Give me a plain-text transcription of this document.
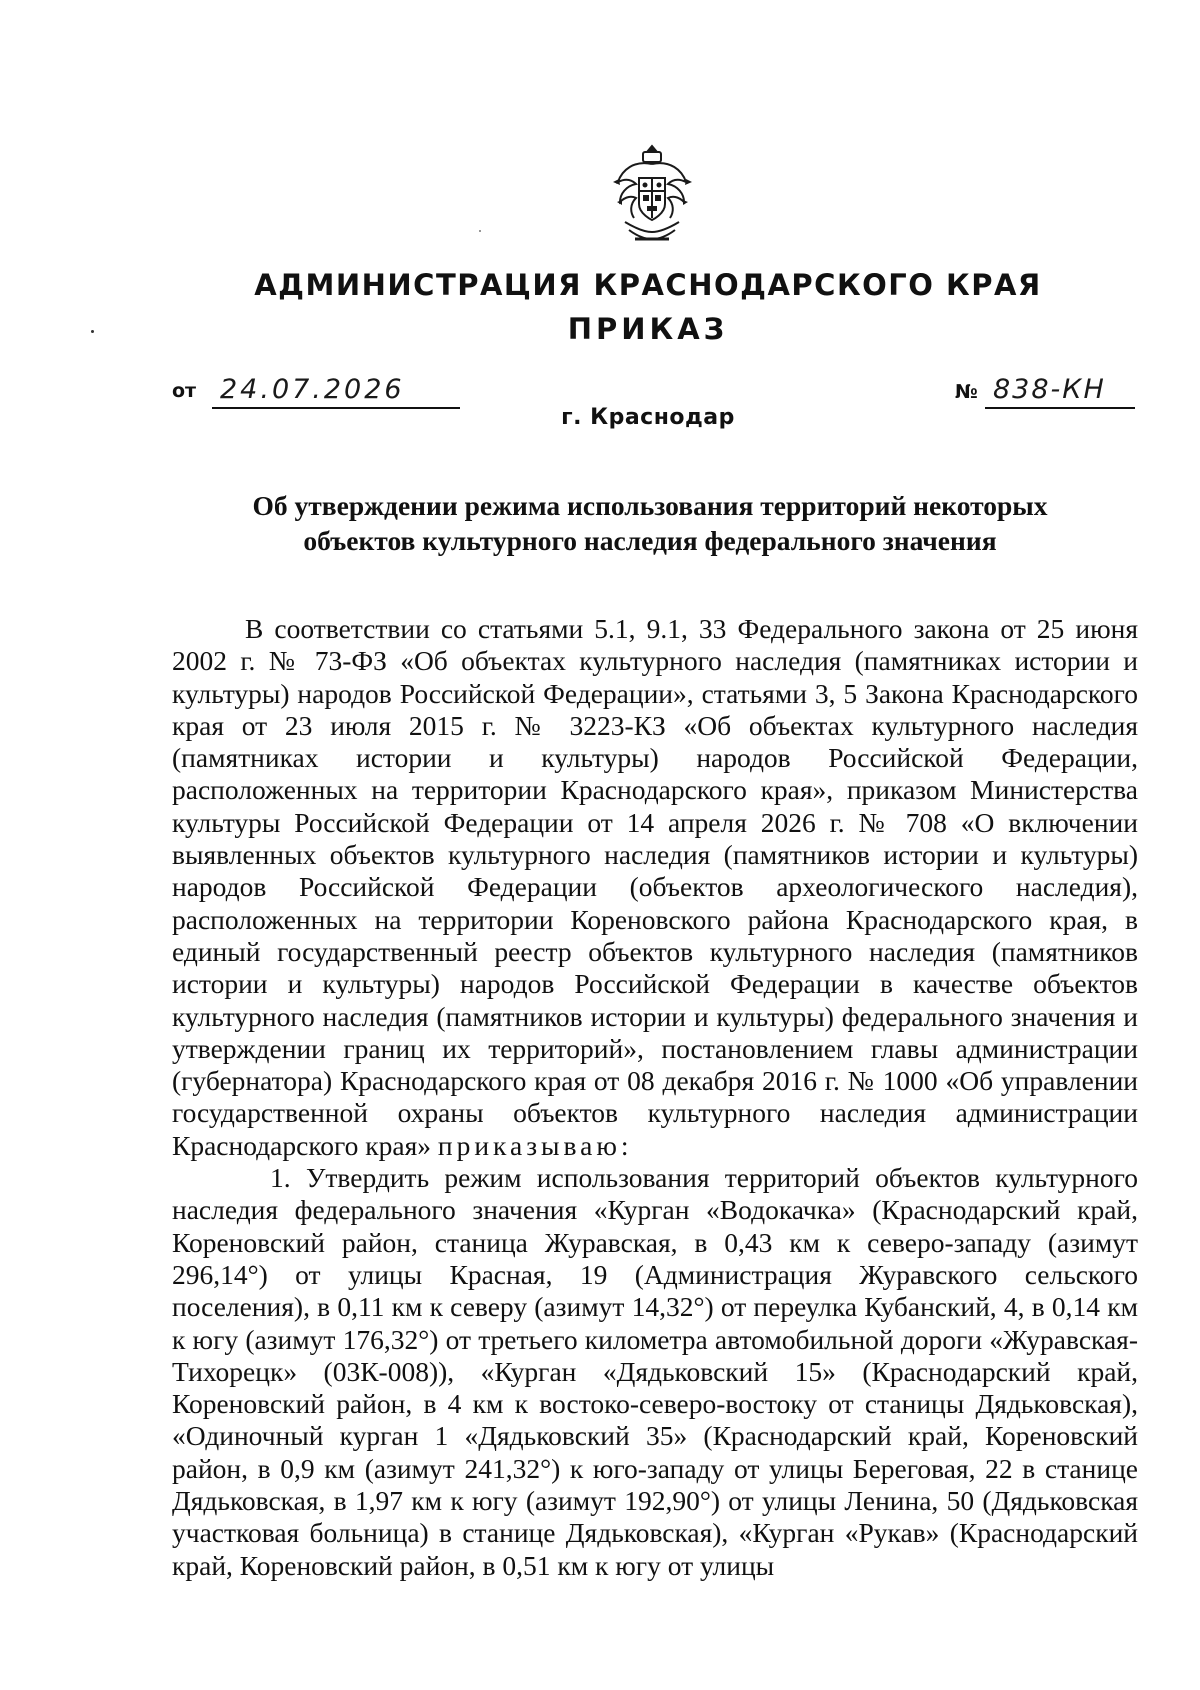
АДМИНИСТРАЦИЯ КРАСНОДАРСКОГО КРАЯ
ПРИКАЗ
от 24.07.2026	№ 838-КН
г. Краснодар
Об утверждении режима использования территорий некоторых
объектов культурного наследия федерального значения

В соответствии со статьями 5.1, 9.1, 33 Федерального закона от 25 июня 2002 г. № 73-ФЗ «Об объектах культурного наследия (памятниках истории и культуры) народов Российской Федерации», статьями 3, 5 Закона Краснодарского края от 23 июля 2015 г. № 3223-КЗ «Об объектах культурного наследия (памятниках истории и культуры) народов Российской Федерации, расположенных на территории Краснодарского края», приказом Министерства культуры Российской Федерации от 14 апреля 2026 г. № 708 «О включении выявленных объектов культурного наследия (памятников истории и культуры) народов Российской Федерации (объектов археологического наследия), расположенных на территории Кореновского района Краснодарского края, в единый государственный реестр объектов культурного наследия (памятников истории и культуры) народов Российской Федерации в качестве объектов культурного наследия (памятников истории и культуры) федерального значения и утверждении границ их территорий», постановлением главы администрации (губернатора) Краснодарского края от 08 декабря 2016 г. № 1000 «Об управлении государственной охраны объектов культурного наследия администрации Краснодарского края» приказываю:

1. Утвердить режим использования территорий объектов культурного наследия федерального значения «Курган «Водокачка» (Краснодарский край, Кореновский район, станица Журавская, в 0,43 км к северо-западу (азимут 296,14°) от улицы Красная, 19 (Администрация Журавского сельского поселения), в 0,11 км к северу (азимут 14,32°) от переулка Кубанский, 4, в 0,14 км к югу (азимут 176,32°) от третьего километра автомобильной дороги «Журавская-Тихорецк» (03К-008)), «Курган «Дядьковский 15» (Краснодарский край, Кореновский район, в 4 км к востоко-северо-востоку от станицы Дядьковская), «Одиночный курган 1 «Дядьковский 35» (Краснодарский край, Кореновский район, в 0,9 км (азимут 241,32°) к юго-западу от улицы Береговая, 22 в станице Дядьковская, в 1,97 км к югу (азимут 192,90°) от улицы Ленина, 50 (Дядьковская участковая больница) в станице Дядьковская), «Курган «Рукав» (Краснодарский край, Кореновский район, в 0,51 км к югу от улицы
